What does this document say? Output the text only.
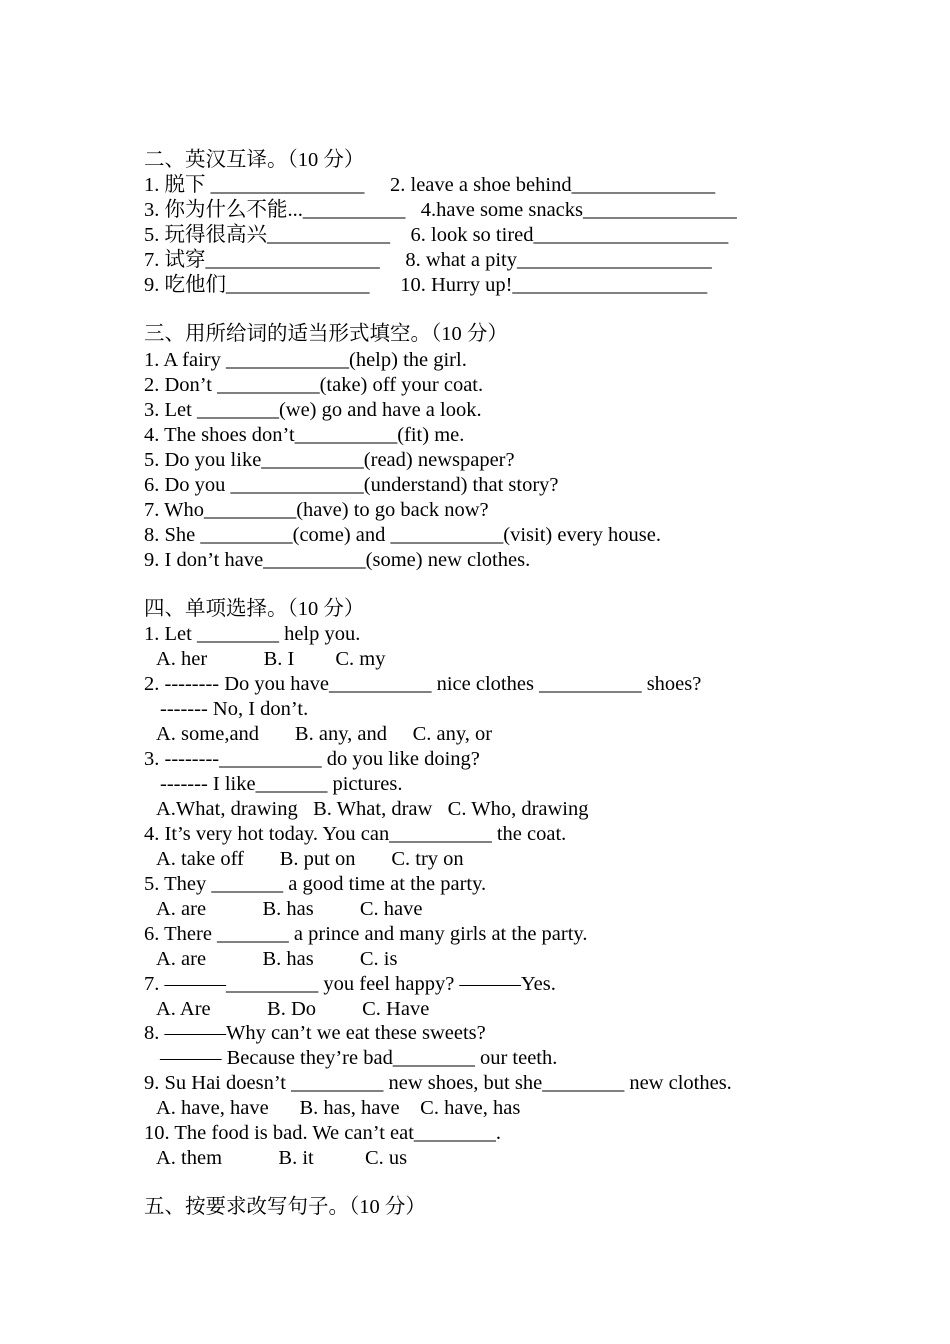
二、英汉互译。（10 分）
1. 脱下 _______________     2. leave a shoe behind______________
3. 你为什么不能...__________   4.have some snacks_______________
5. 玩得很高兴____________    6. look so tired___________________
7. 试穿_________________     8. what a pity___________________
9. 吃他们______________      10. Hurry up!___________________
三、用所给词的适当形式填空。（10 分）
1. A fairy ____________(help) the girl.
2. Don’t __________(take) off your coat.
3. Let ________(we) go and have a look.
4. The shoes don’t__________(fit) me.
5. Do you like__________(read) newspaper?
6. Do you _____________(understand) that story?
7. Who_________(have) to go back now?
8. She _________(come) and ___________(visit) every house.
9. I don’t have__________(some) new clothes.
四、单项选择。（10 分）
1. Let ________ help you.
A. her           B. I        C. my
2. -------- Do you have__________ nice clothes __________ shoes?
------- No, I don’t.
A. some,and       B. any, and     C. any, or
3. --------__________ do you like doing?
------- I like_______ pictures.
A.What, drawing   B. What, draw   C. Who, drawing
4. It’s very hot today. You can__________ the coat.
A. take off       B. put on       C. try on
5. They _______ a good time at the party.
A. are           B. has         C. have
6. There _______ a prince and many girls at the party.
A. are           B. has         C. is
7. ———_________ you feel happy? ———Yes.
A. Are           B. Do         C. Have
8. ———Why can’t we eat these sweets?
——— Because they’re bad________ our teeth.
9. Su Hai doesn’t _________ new shoes, but she________ new clothes.
A. have, have      B. has, have    C. have, has
10. The food is bad. We can’t eat________.
A. them           B. it          C. us
五、按要求改写句子。（10 分）
